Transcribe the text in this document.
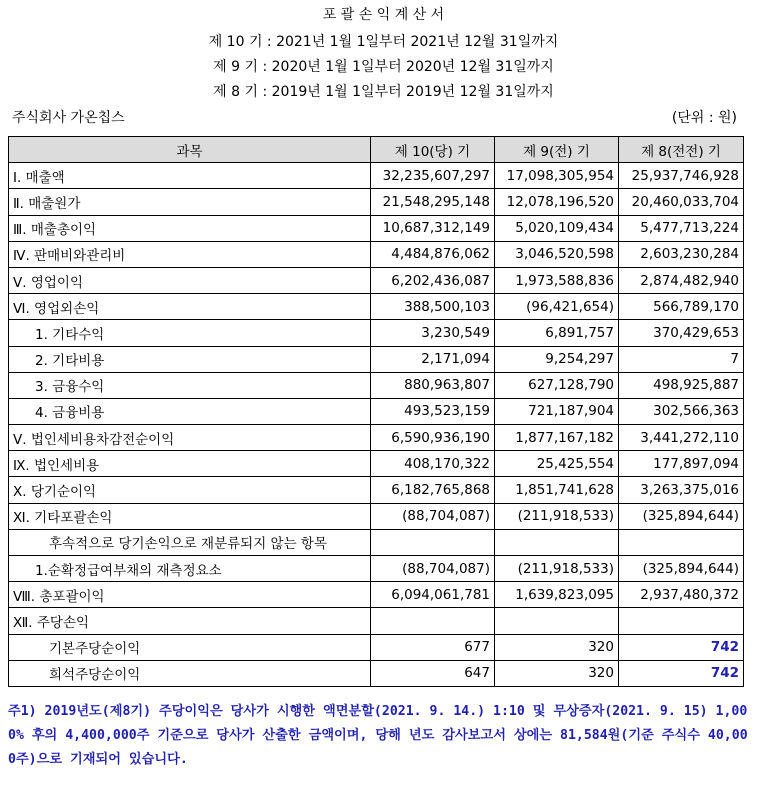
포 괄 손 익 계 산 서
제 10 기 : 2021년 1월 1일부터 2021년 12월 31일까지
제 9 기 : 2020년 1월 1일부터 2020년 12월 31일까지
제 8 기 : 2019년 1월 1일부터 2019년 12월 31일까지
주식회사 가온칩스	(단위 : 원)
과목	제 10(당) 기	제 9(전) 기	제 8(전전) 기
Ⅰ. 매출액	32,235,607,297	17,098,305,954	25,937,746,928
Ⅱ. 매출원가	21,548,295,148	12,078,196,520	20,460,033,704
Ⅲ. 매출총이익	10,687,312,149	5,020,109,434	5,477,713,224
Ⅳ. 판매비와관리비	4,484,876,062	3,046,520,598	2,603,230,284
Ⅴ. 영업이익	6,202,436,087	1,973,588,836	2,874,482,940
Ⅵ. 영업외손익	388,500,103	(96,421,654)	566,789,170
1. 기타수익	3,230,549	6,891,757	370,429,653
2. 기타비용	2,171,094	9,254,297	7
3. 금융수익	880,963,807	627,128,790	498,925,887
4. 금융비용	493,523,159	721,187,904	302,566,363
Ⅴ. 법인세비용차감전순이익	6,590,936,190	1,877,167,182	3,441,272,110
Ⅸ. 법인세비용	408,170,322	25,425,554	177,897,094
Ⅹ. 당기순이익	6,182,765,868	1,851,741,628	3,263,375,016
Ⅺ. 기타포괄손익	(88,704,087)	(211,918,533)	(325,894,644)
후속적으로 당기손익으로 재분류되지 않는 항목			
1.순확정급여부채의 재측정요소	(88,704,087)	(211,918,533)	(325,894,644)
Ⅷ. 총포괄이익	6,094,061,781	1,639,823,095	2,937,480,372
Ⅻ. 주당손익			
기본주당순이익	677	320	742
희석주당순이익	647	320	742
주1) 2019년도(제8기) 주당이익은 당사가 시행한 액면분할(2021. 9. 14.) 1:10 및 무상증자(2021. 9. 15) 1,000% 후의 4,400,000주 기준으로 당사가 산출한 금액이며, 당해 년도 감사보고서 상에는 81,584원(기준 주식수 40,000주)으로 기재되어 있습니다.
